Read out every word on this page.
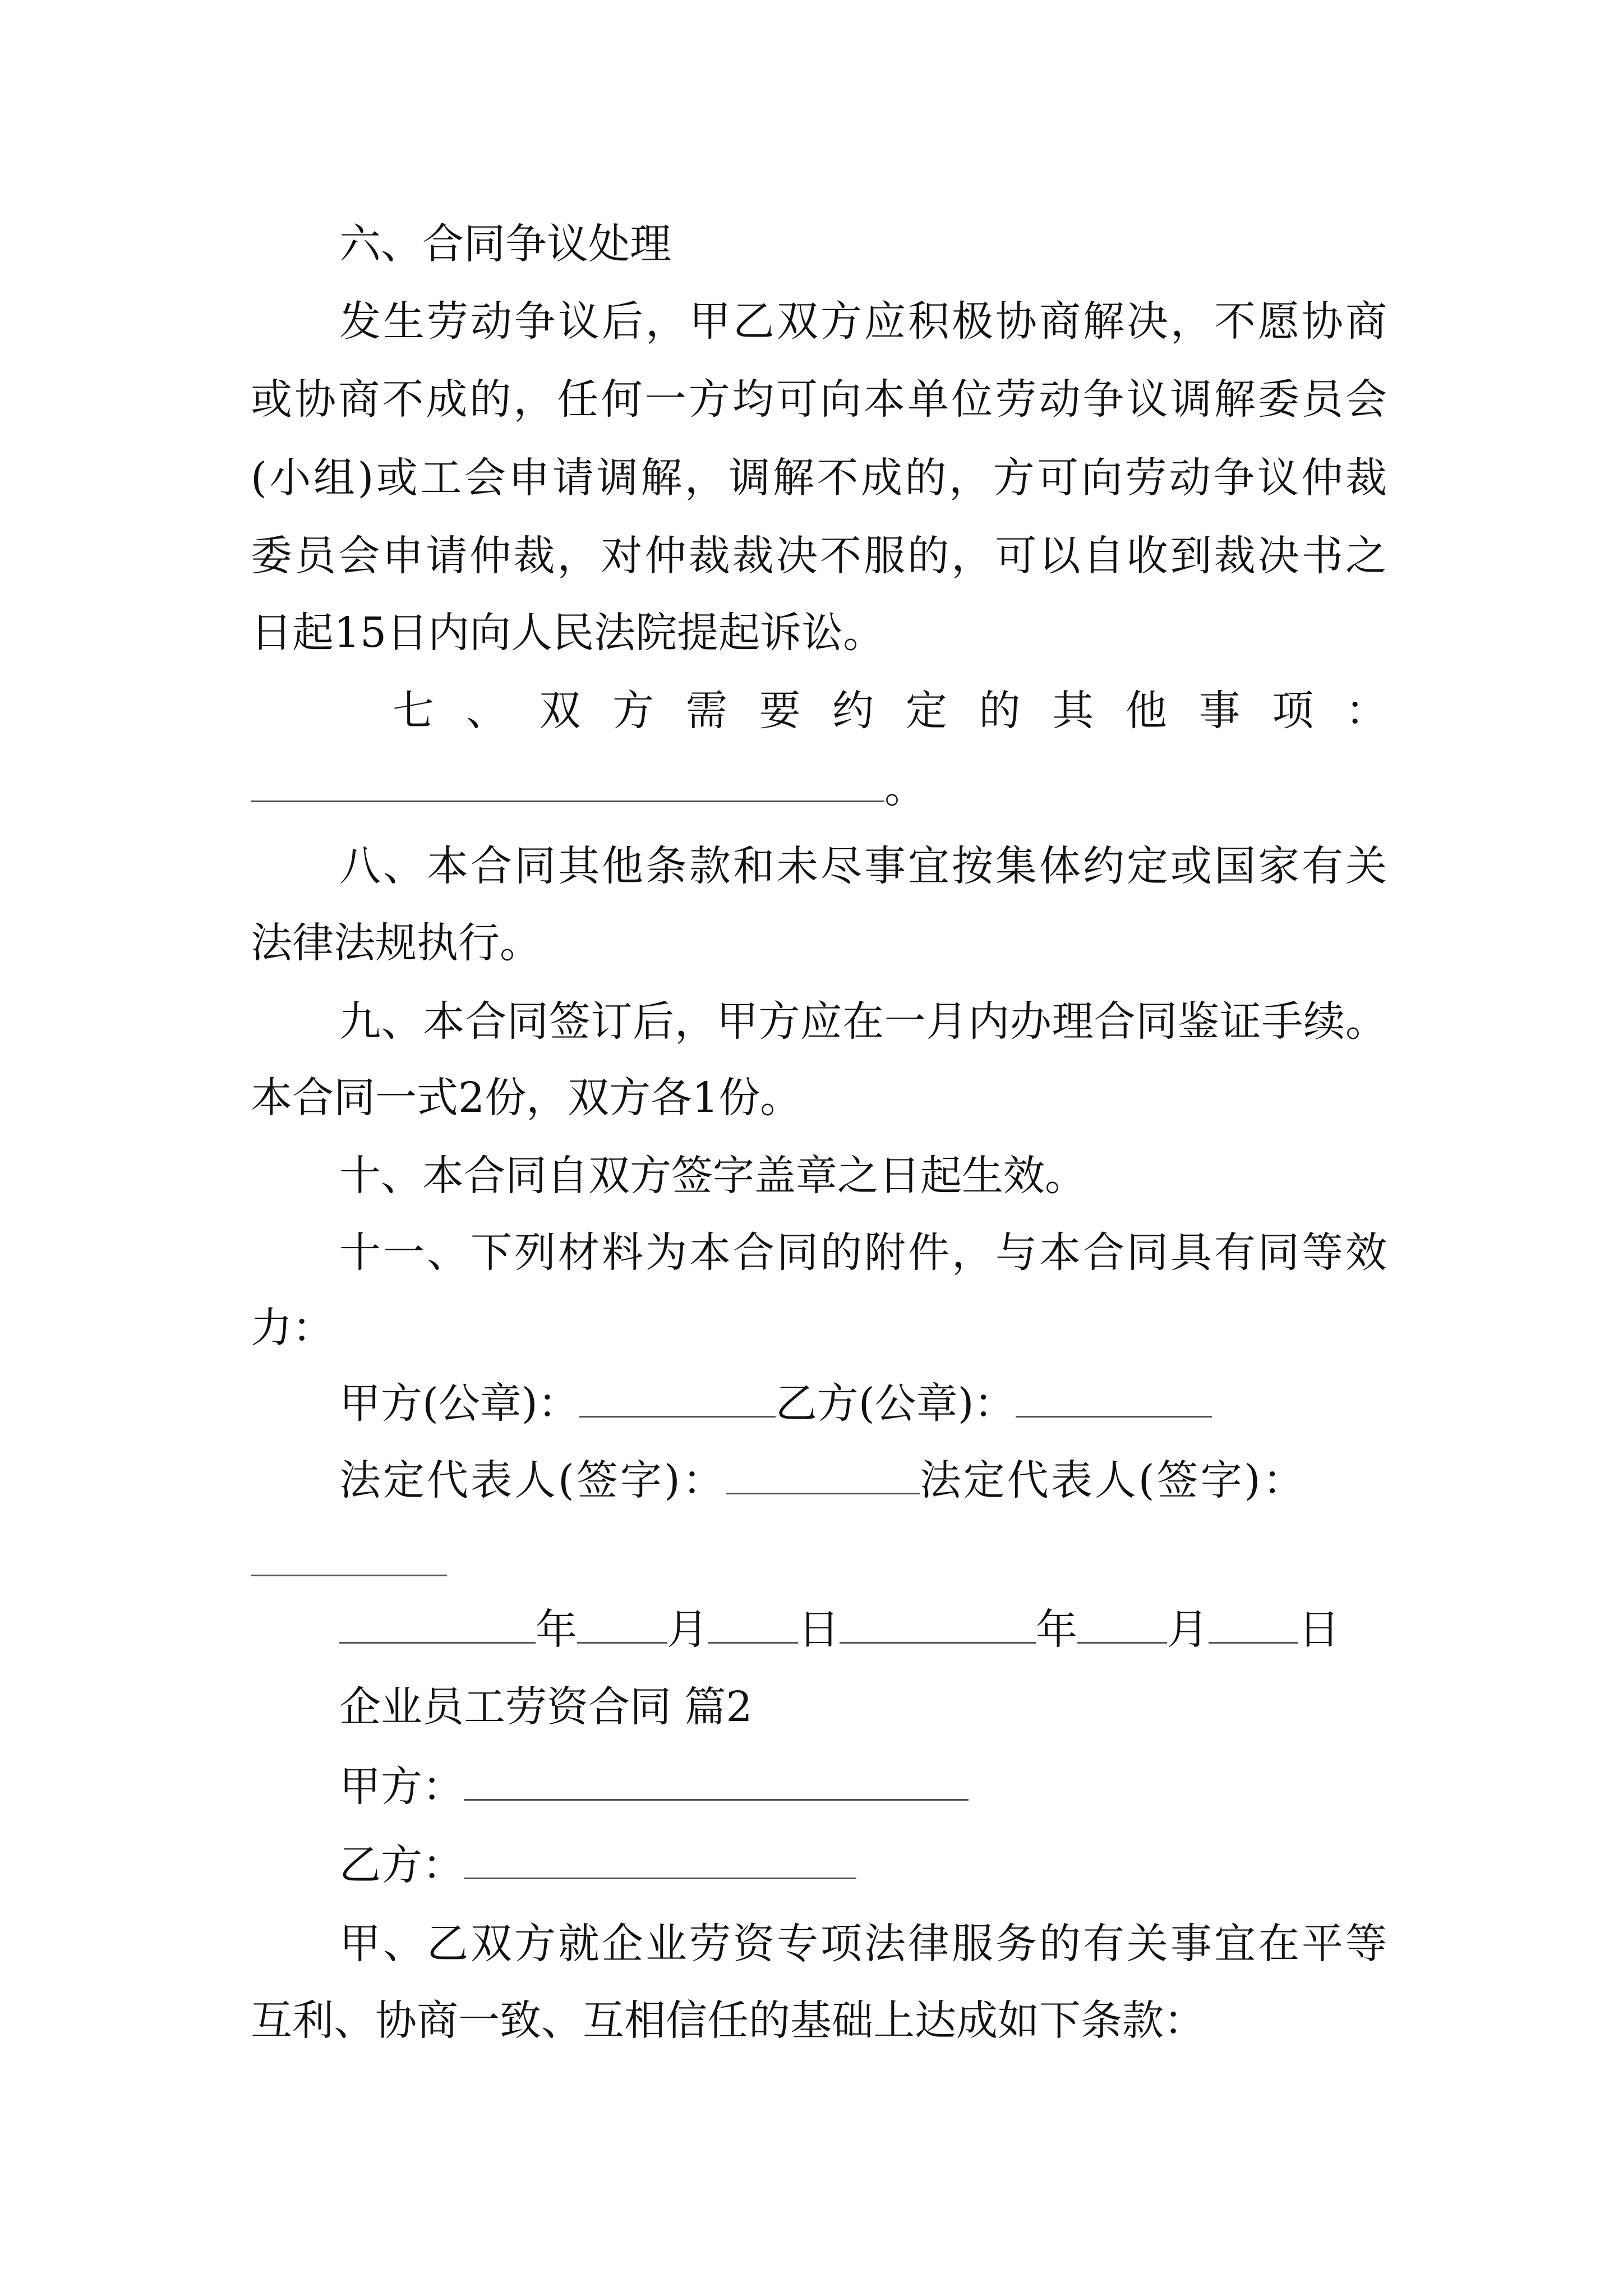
六、合同争议处理
发生劳动争议后，甲乙双方应积极协商解决，不愿协商
或协商不成的，任何一方均可向本单位劳动争议调解委员会
(小组)或工会申请调解，调解不成的，方可向劳动争议仲裁
委员会申请仲裁，对仲裁裁决不服的，可以自收到裁决书之
日起15日内向人民法院提起诉讼。
七、双方需要约定的其他事项：
。
八、本合同其他条款和未尽事宜按集体约定或国家有关
法律法规执行。
九、本合同签订后，甲方应在一月内办理合同鉴证手续。
本合同一式2份，双方各1份。
十、本合同自双方签字盖章之日起生效。
十一、下列材料为本合同的附件，与本合同具有同等效
力：
甲方(公章)：	乙方(公章)：
法定代表人(签字)：	法定代表人(签字)：
年 月 日	年 月 日
企业员工劳资合同 篇2
甲方：
乙方：
甲、乙双方就企业劳资专项法律服务的有关事宜在平等
互利、协商一致、互相信任的基础上达成如下条款：
